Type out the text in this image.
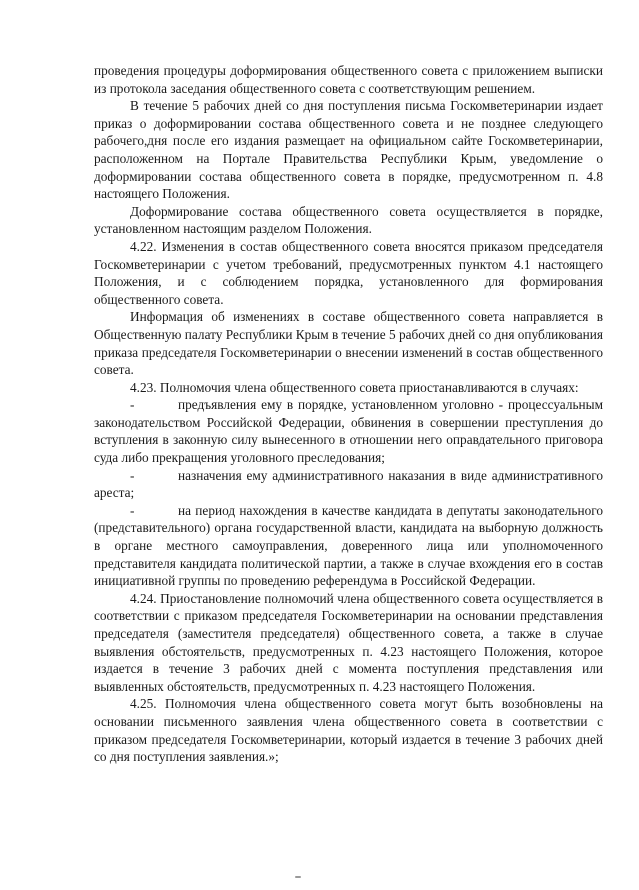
проведения процедуры доформирования общественного совета с приложением выписки из протокола заседания общественного совета с соответствующим решением.

В течение 5 рабочих дней со дня поступления письма Госкомветеринарии издает приказ о доформировании состава общественного совета и не позднее следующего рабочего,дня после его издания размещает на официальном сайте Госкомветеринарии, расположенном на Портале Правительства Республики Крым, уведомление о доформировании состава общественного совета в порядке, предусмотренном п. 4.8 настоящего Положения.

Доформирование состава общественного совета осуществляется в порядке, установленном настоящим разделом Положения.

4.22. Изменения в состав общественного совета вносятся приказом председателя Госкомветеринарии с учетом требований, предусмотренных пунктом 4.1 настоящего Положения, и с соблюдением порядка, установленного для формирования общественного совета.

Информация об изменениях в составе общественного совета направляется в Общественную палату Республики Крым в течение 5 рабочих дней со дня опубликования приказа председателя Госкомветеринарии о внесении изменений в состав общественного совета.

4.23. Полномочия члена общественного совета приостанавливаются в случаях:

-	предъявления ему в порядке, установленном уголовно - процессуальным законодательством Российской Федерации, обвинения в совершении преступления до вступления в законную силу вынесенного в отношении него оправдательного приговора суда либо прекращения уголовного преследования;

-	назначения ему административного наказания в виде административного ареста;

-	на период нахождения в качестве кандидата в депутаты законодательного (представительного) органа государственной власти, кандидата на выборную должность в органе местного самоуправления, доверенного лица или уполномоченного представителя кандидата политической партии, а также в случае вхождения его в состав инициативной группы по проведению референдума в Российской Федерации.

4.24. Приостановление полномочий члена общественного совета осуществляется в соответствии с приказом председателя Госкомветеринарии на основании представления председателя (заместителя председателя) общественного совета, а также в случае выявления обстоятельств, предусмотренных п. 4.23 настоящего Положения, которое издается в течение 3 рабочих дней с момента поступления представления или выявленных обстоятельств, предусмотренных п. 4.23 настоящего Положения.

4.25. Полномочия члена общественного совета могут быть возобновлены на основании письменного заявления члена общественного совета в соответствии с приказом председателя Госкомветеринарии, который издается в течение 3 рабочих дней со дня поступления заявления.»;
